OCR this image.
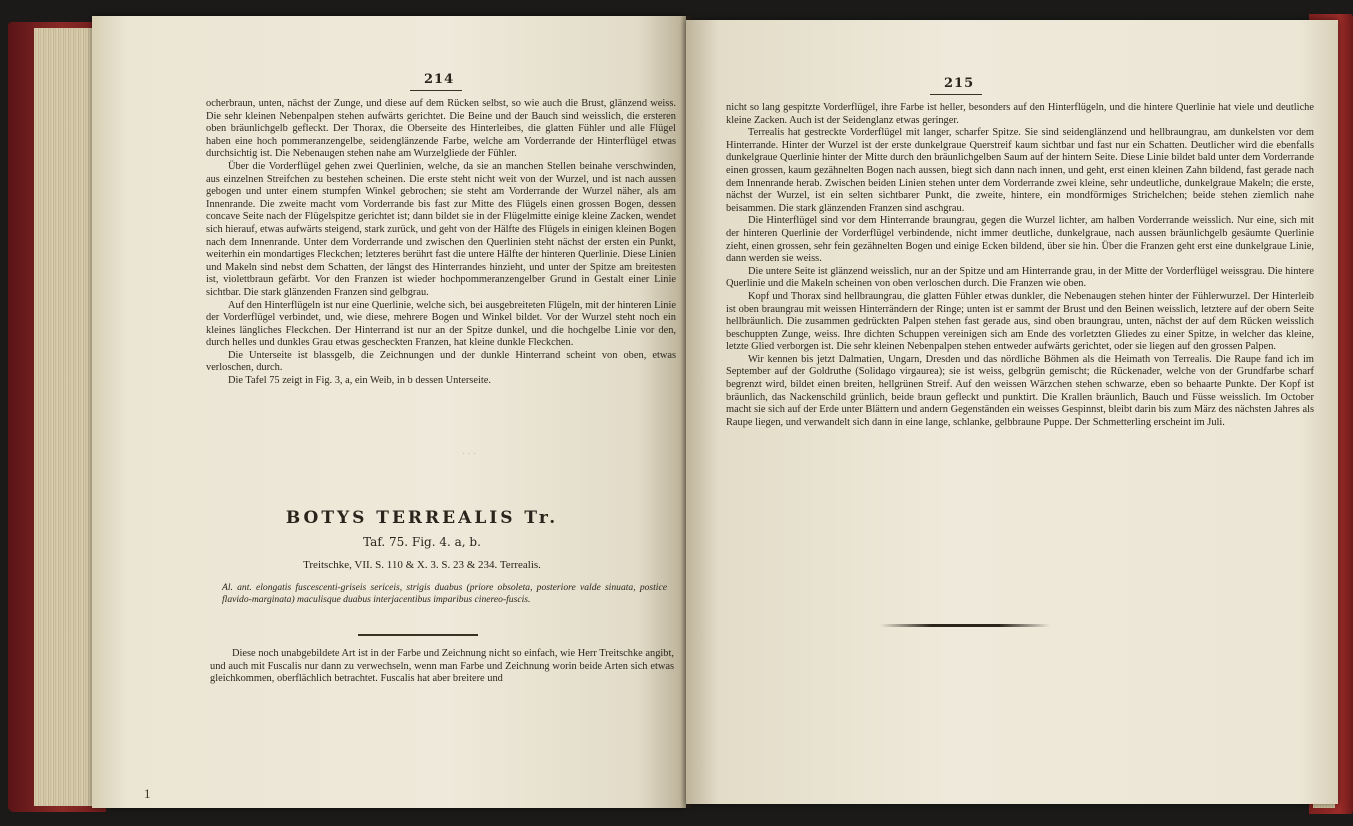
214

ocherbraun, unten, nächst der Zunge, und diese auf dem Rücken selbst, so wie auch die Brust, glänzend weiss. Die sehr kleinen Nebenpalpen stehen aufwärts gerichtet. Die Beine und der Bauch sind weisslich, die ersteren oben bräunlichgelb gefleckt. Der Thorax, die Oberseite des Hinterleibes, die glatten Fühler und alle Flügel haben eine hoch pommeranzengelbe, seidenglänzende Farbe, welche am Vorderrande der Hinterflügel etwas durchsichtig ist. Die Nebenaugen stehen nahe am Wurzelgliede der Fühler.

Über die Vorderflügel gehen zwei Querlinien, welche, da sie an manchen Stellen beinahe verschwinden, aus einzelnen Streifchen zu bestehen scheinen. Die erste steht nicht weit von der Wurzel, und ist nach aussen gebogen und unter einem stumpfen Winkel gebrochen; sie steht am Vorderrande der Wurzel näher, als am Innenrande. Die zweite macht vom Vorderrande bis fast zur Mitte des Flügels einen grossen Bogen, dessen concave Seite nach der Flügelspitze gerichtet ist; dann bildet sie in der Flügelmitte einige kleine Zacken, wendet sich hierauf, etwas aufwärts steigend, stark zurück, und geht von der Hälfte des Flügels in einigen kleinen Bogen nach dem Innenrande. Unter dem Vorderrande und zwischen den Querlinien steht nächst der ersten ein Punkt, weiterhin ein mondartiges Fleckchen; letzteres berührt fast die untere Hälfte der hinteren Querlinie. Diese Linien und Makeln sind nebst dem Schatten, der längst des Hinterrandes hinzieht, und unter der Spitze am breitesten ist, violettbraun gefärbt. Vor den Franzen ist wieder hochpommeranzengelber Grund in Gestalt einer Linie sichtbar. Die stark glänzenden Franzen sind gelbgrau.

Auf den Hinterflügeln ist nur eine Querlinie, welche sich, bei ausgebreiteten Flügeln, mit der hinteren Linie der Vorderflügel verbindet, und, wie diese, mehrere Bogen und Winkel bildet. Vor der Wurzel steht noch ein kleines längliches Fleckchen. Der Hinterrand ist nur an der Spitze dunkel, und die hochgelbe Linie vor den, durch helles und dunkles Grau etwas gescheckten Franzen, hat kleine dunkle Fleckchen.

Die Unterseite ist blassgelb, die Zeichnungen und der dunkle Hinterrand scheint von oben, etwas verloschen, durch.

Die Tafel 75 zeigt in Fig. 3, a, ein Weib, in b dessen Unterseite.

· · ·
BOTYS TERREALIS Tr.
Taf. 75. Fig. 4. a, b.
Treitschke, VII. S. 110 & X. 3. S. 23 & 234. Terrealis.
Al. ant. elongatis fuscescenti-griseis sericeis, strigis duabus (priore obsoleta, posteriore valde sinuata, postice flavido-marginata) maculisque duabus interjacentibus imparibus cinereo-fuscis.

Diese noch unabgebildete Art ist in der Farbe und Zeichnung nicht so einfach, wie Herr Treitschke angibt, und auch mit Fuscalis nur dann zu verwechseln, wenn man Farbe und Zeichnung worin beide Arten sich etwas gleichkommen, oberflächlich betrachtet. Fuscalis hat aber breitere und

1
215

nicht so lang gespitzte Vorderflügel, ihre Farbe ist heller, besonders auf den Hinterflügeln, und die hintere Querlinie hat viele und deutliche kleine Zacken. Auch ist der Seidenglanz etwas geringer.

Terrealis hat gestreckte Vorderflügel mit langer, scharfer Spitze. Sie sind seidenglänzend und hellbraungrau, am dunkelsten vor dem Hinterrande. Hinter der Wurzel ist der erste dunkelgraue Querstreif kaum sichtbar und fast nur ein Schatten. Deutlicher wird die ebenfalls dunkelgraue Querlinie hinter der Mitte durch den bräunlichgelben Saum auf der hintern Seite. Diese Linie bildet bald unter dem Vorderrande einen grossen, kaum gezähnelten Bogen nach aussen, biegt sich dann nach innen, und geht, erst einen kleinen Zahn bildend, fast gerade nach dem Innenrande herab. Zwischen beiden Linien stehen unter dem Vorderrande zwei kleine, sehr undeutliche, dunkelgraue Makeln; die erste, nächst der Wurzel, ist ein selten sichtbarer Punkt, die zweite, hintere, ein mondförmiges Strichelchen; beide stehen ziemlich nahe beisammen. Die stark glänzenden Franzen sind aschgrau.

Die Hinterflügel sind vor dem Hinterrande braungrau, gegen die Wurzel lichter, am halben Vorderrande weisslich. Nur eine, sich mit der hinteren Querlinie der Vorderflügel verbindende, nicht immer deutliche, dunkelgraue, nach aussen bräunlichgelb gesäumte Querlinie zieht, einen grossen, sehr fein gezähnelten Bogen und einige Ecken bildend, über sie hin. Über die Franzen geht erst eine dunkelgraue Linie, dann werden sie weiss.

Die untere Seite ist glänzend weisslich, nur an der Spitze und am Hinterrande grau, in der Mitte der Vorderflügel weissgrau. Die hintere Querlinie und die Makeln scheinen von oben verloschen durch. Die Franzen wie oben.

Kopf und Thorax sind hellbraungrau, die glatten Fühler etwas dunkler, die Nebenaugen stehen hinter der Fühlerwurzel. Der Hinterleib ist oben braungrau mit weissen Hinterrändern der Ringe; unten ist er sammt der Brust und den Beinen weisslich, letztere auf der obern Seite hellbräunlich. Die zusammen gedrückten Palpen stehen fast gerade aus, sind oben braungrau, unten, nächst der auf dem Rücken weisslich beschuppten Zunge, weiss. Ihre dichten Schuppen vereinigen sich am Ende des vorletzten Gliedes zu einer Spitze, in welcher das kleine, letzte Glied verborgen ist. Die sehr kleinen Nebenpalpen stehen entweder aufwärts gerichtet, oder sie liegen auf den grossen Palpen.

Wir kennen bis jetzt Dalmatien, Ungarn, Dresden und das nördliche Böhmen als die Heimath von Terrealis. Die Raupe fand ich im September auf der Goldruthe (Solidago virgaurea); sie ist weiss, gelbgrün gemischt; die Rückenader, welche von der Grundfarbe scharf begrenzt wird, bildet einen breiten, hellgrünen Streif. Auf den weissen Wärzchen stehen schwarze, eben so behaarte Punkte. Der Kopf ist bräunlich, das Nackenschild grünlich, beide braun gefleckt und punktirt. Die Krallen bräunlich, Bauch und Füsse weisslich. Im October macht sie sich auf der Erde unter Blättern und andern Gegenständen ein weisses Gespinnst, bleibt darin bis zum März des nächsten Jahres als Raupe liegen, und verwandelt sich dann in eine lange, schlanke, gelbbraune Puppe. Der Schmetterling erscheint im Juli.
